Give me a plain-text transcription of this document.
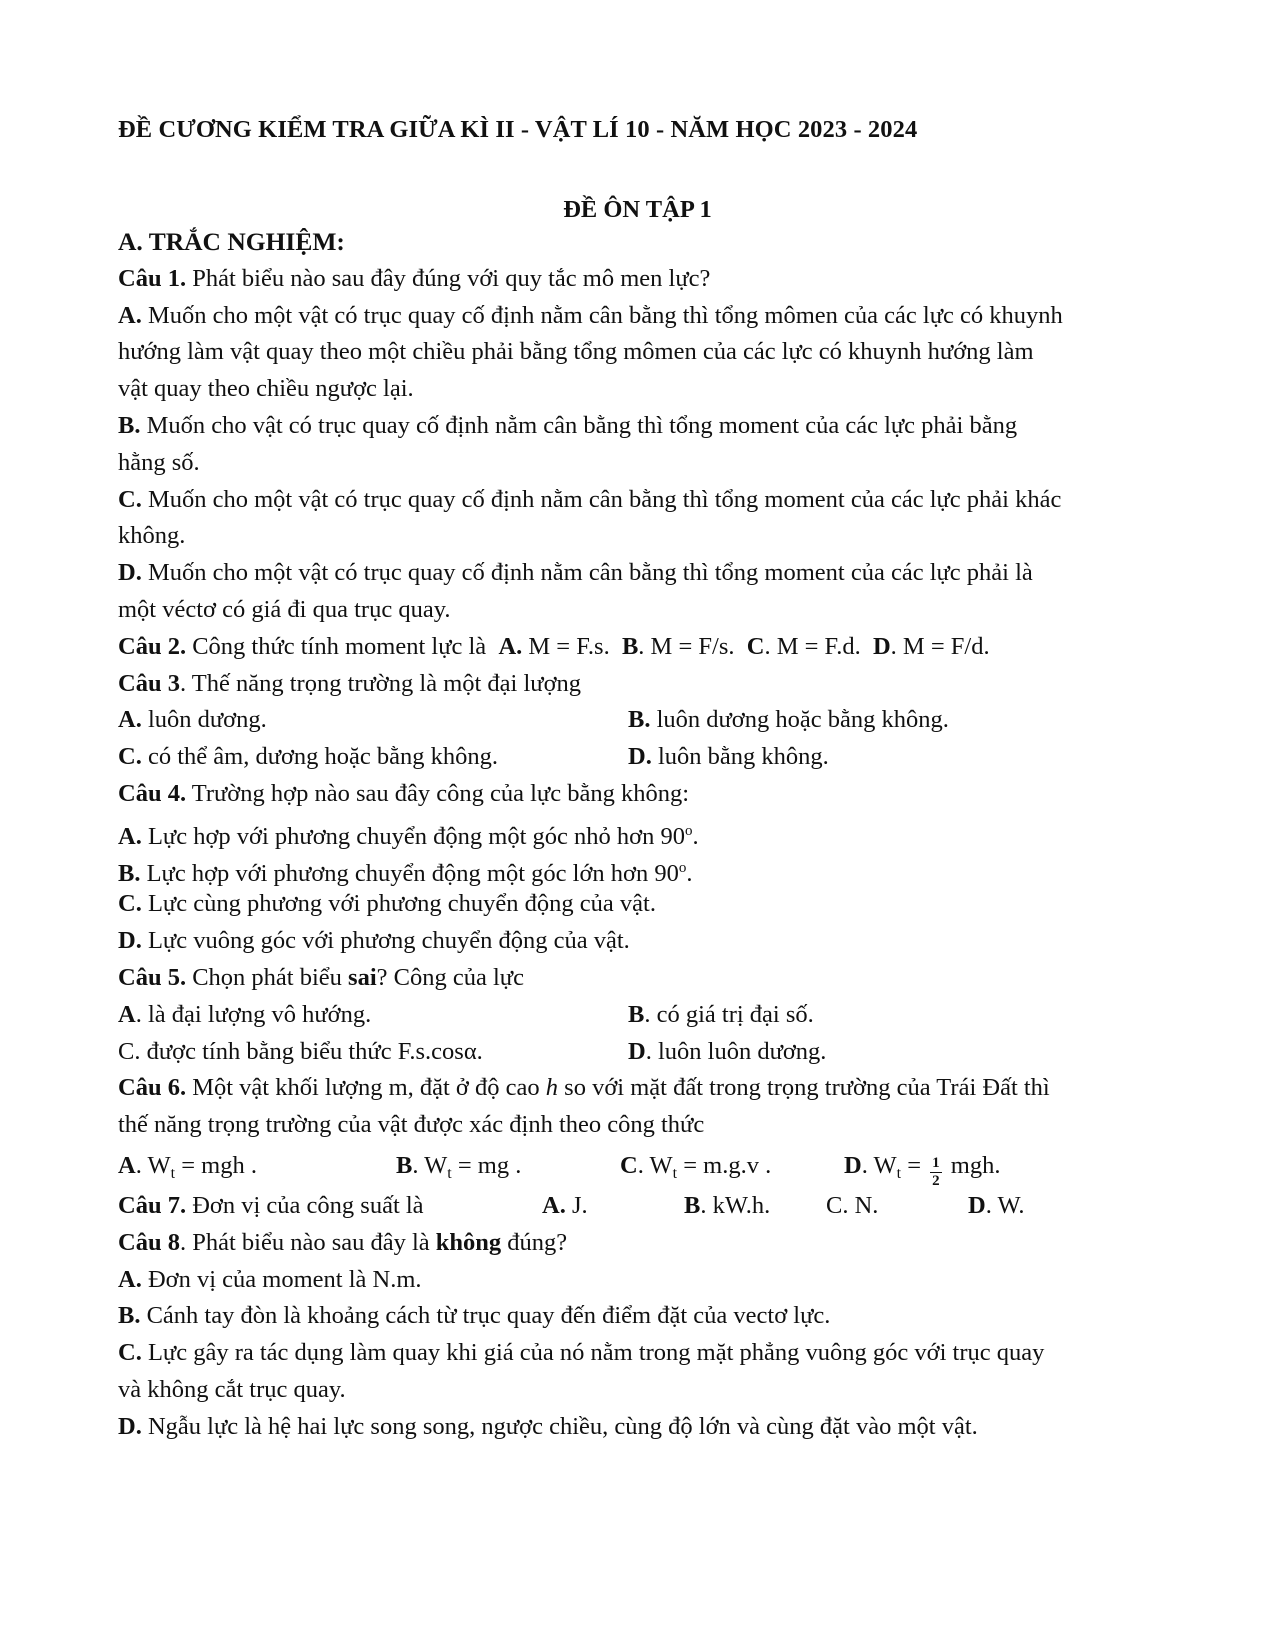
ĐỀ CƯƠNG KIỂM TRA GIỮA KÌ II - VẬT LÍ 10 - NĂM HỌC 2023 - 2024
ĐỀ ÔN TẬP 1
A. TRẮC NGHIỆM:
Câu 1. Phát biểu nào sau đây đúng với quy tắc mô men lực?
A. Muốn cho một vật có trục quay cố định nằm cân bằng thì tổng mômen của các lực có khuynh
hướng làm vật quay theo một chiều phải bằng tổng mômen của các lực có khuynh hướng làm
vật quay theo chiều ngược lại.
B. Muốn cho vật có trục quay cố định nằm cân bằng thì tổng moment của các lực phải bằng
hằng số.
C. Muốn cho một vật có trục quay cố định nằm cân bằng thì tổng moment của các lực phải khác
không.
D. Muốn cho một vật có trục quay cố định nằm cân bằng thì tổng moment của các lực phải là
một véctơ có giá đi qua trục quay.
Câu 2. Công thức tính moment lực là  A. M = F.s.  B. M = F/s.  C. M = F.d.  D. M = F/d.
Câu 3. Thế năng trọng trường là một đại lượng
A. luôn dương.	B. luôn dương hoặc bằng không.
C. có thể âm, dương hoặc bằng không.	D. luôn bằng không.
Câu 4. Trường hợp nào sau đây công của lực bằng không:
A. Lực hợp với phương chuyển động một góc nhỏ hơn 90$^o$.
B. Lực hợp với phương chuyển động một góc lớn hơn 90$^o$.
C. Lực cùng phương với phương chuyển động của vật.
D. Lực vuông góc với phương chuyển động của vật.
Câu 5. Chọn phát biểu sai? Công của lực
A. là đại lượng vô hướng.	B. có giá trị đại số.
C. được tính bằng biểu thức F.s.cosα.	D. luôn luôn dương.
Câu 6. Một vật khối lượng m, đặt ở độ cao h so với mặt đất trong trọng trường của Trái Đất thì
thế năng trọng trường của vật được xác định theo công thức
A. $W_t$ = mgh .	B. $W_t$ = mg .	C. $W_t = m.g.v$ .	D. $W_t = \frac{1}{2}$ mgh.
Câu 7. Đơn vị của công suất là	A. J.	B. kW.h. C. N.	D. W.
Câu 8. Phát biểu nào sau đây là không đúng?
A. Đơn vị của moment là N.m.
B. Cánh tay đòn là khoảng cách từ trục quay đến điểm đặt của vectơ lực.
C. Lực gây ra tác dụng làm quay khi giá của nó nằm trong mặt phẳng vuông góc với trục quay
và không cắt trục quay.
D. Ngẫu lực là hệ hai lực song song, ngược chiều, cùng độ lớn và cùng đặt vào một vật.
